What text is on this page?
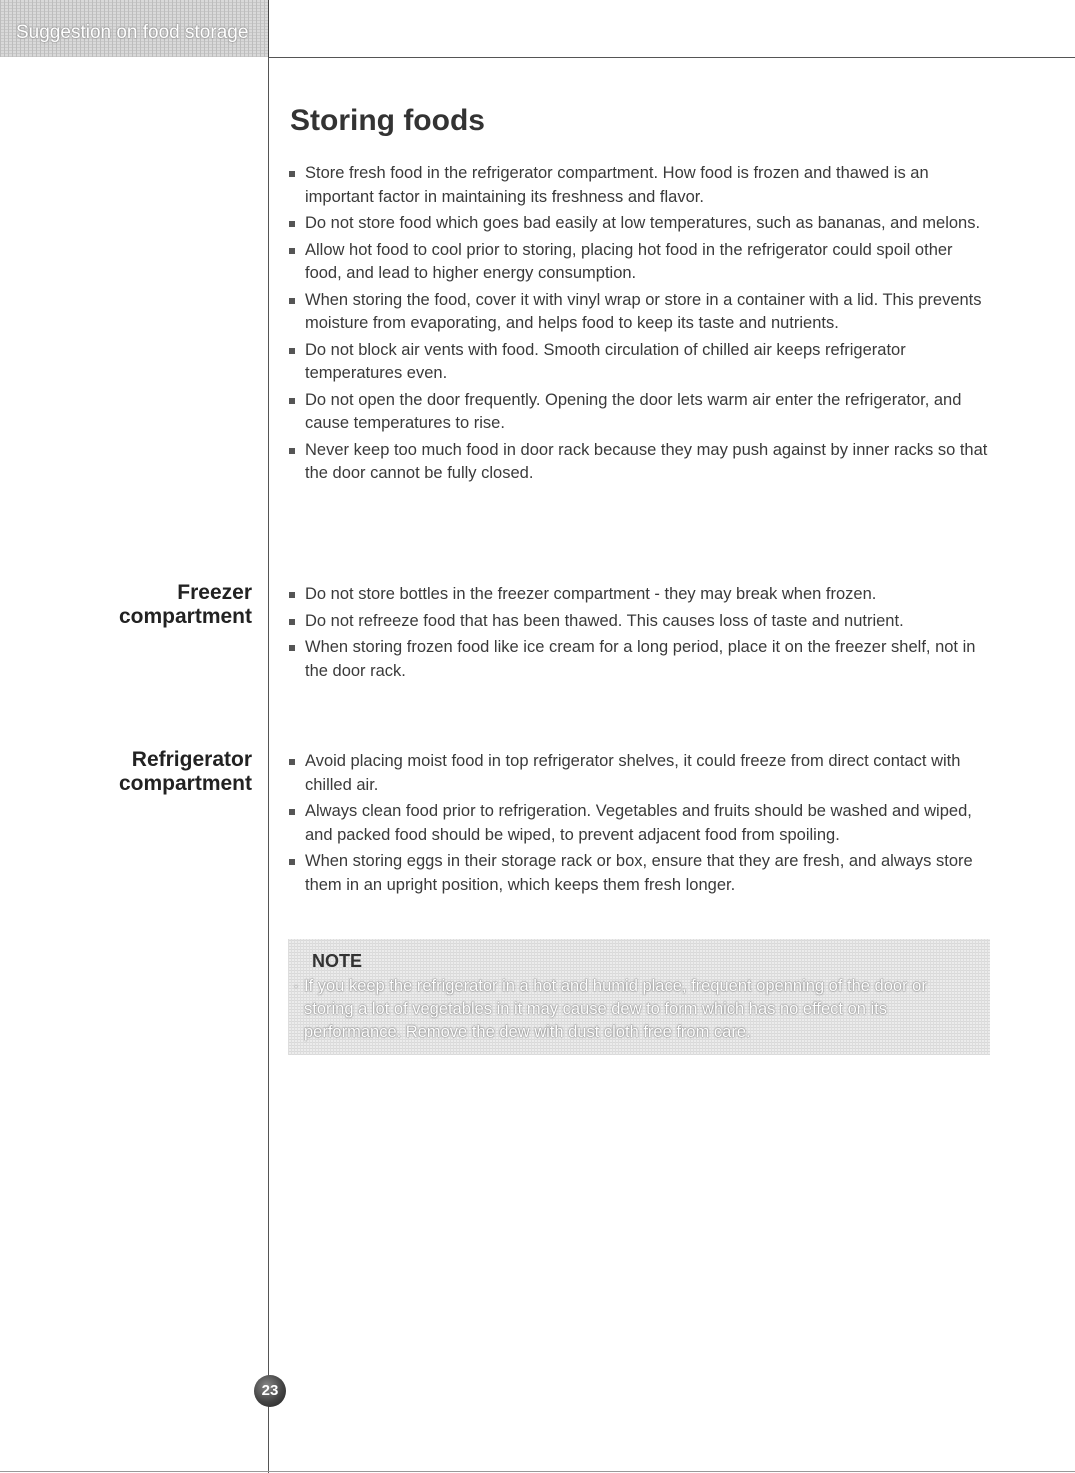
Suggestion on food storage
Storing foods
Store fresh food in the refrigerator compartment. How food is frozen and thawed is an important factor in maintaining its freshness and flavor.
Do not store food which goes bad easily at low temperatures, such as bananas, and melons.
Allow hot food to cool prior to storing, placing hot food in the refrigerator could spoil other food, and lead to higher energy consumption.
When storing the food, cover it with vinyl wrap or store in a container with a lid. This prevents moisture from evaporating, and helps food to keep its taste and nutrients.
Do not block air vents with food. Smooth circulation of chilled air keeps refrigerator temperatures even.
Do not open the door frequently. Opening the door lets warm air enter the refrigerator, and cause temperatures to rise.
Never keep too much food in door rack because they may push against by inner racks so that the door cannot be fully closed.
Freezer
compartment
Do not store bottles in the freezer compartment - they may break when frozen.
Do not refreeze food that has been thawed. This causes loss of taste and nutrient.
When storing frozen food like ice cream for a long period, place it on the freezer shelf, not in the door rack.
Refrigerator
compartment
Avoid placing moist food in top refrigerator shelves, it could freeze from direct contact with chilled air.
Always clean food prior to refrigeration. Vegetables and fruits should be washed and wiped, and packed food should be wiped, to prevent adjacent food from spoiling.
When storing eggs in their storage rack or box, ensure that they are fresh, and always store them in an upright position, which keeps them fresh longer.
NOTE
· If you keep the refrigerator in a hot and humid place, frequent openning of the door or storing a lot of vegetables in it may cause dew to form which has no effect on its performance. Remove the dew with dust cloth free from care.
23
